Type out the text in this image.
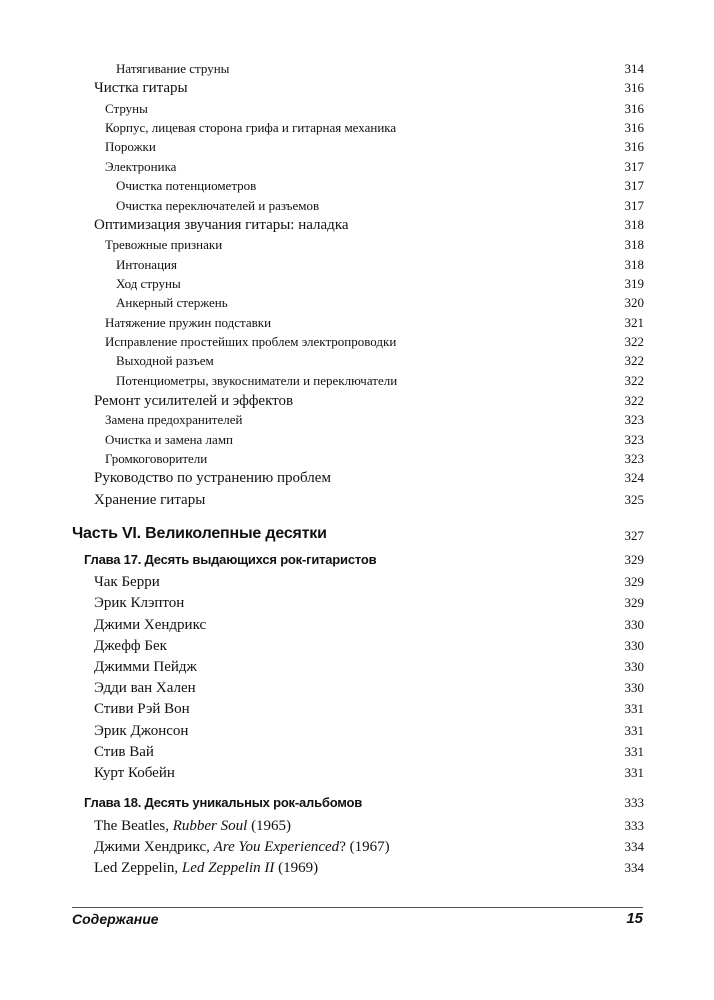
Натягивание струны	314
Чистка гитары	316
Струны	316
Корпус, лицевая сторона грифа и гитарная механика	316
Порожки	316
Электроника	317
Очистка потенциометров	317
Очистка переключателей и разъемов	317
Оптимизация звучания гитары: наладка	318
Тревожные признаки	318
Интонация	318
Ход струны	319
Анкерный стержень	320
Натяжение пружин подставки	321
Исправление простейших проблем электропроводки	322
Выходной разъем	322
Потенциометры, звукосниматели и переключатели	322
Ремонт усилителей и эффектов	322
Замена предохранителей	323
Очистка и замена ламп	323
Громкоговорители	323
Руководство по устранению проблем	324
Хранение гитары	325
Часть VI. Великолепные десятки	327
Глава 17. Десять выдающихся рок-гитаристов	329
Чак Берри	329
Эрик Клэптон	329
Джими Хендрикс	330
Джефф Бек	330
Джимми Пейдж	330
Эдди ван Хален	330
Стиви Рэй Вон	331
Эрик Джонсон	331
Стив Вай	331
Курт Кобейн	331
Глава 18. Десять уникальных рок-альбомов	333
The Beatles, Rubber Soul (1965)	333
Джими Хендрикс, Are You Experienced? (1967)	334
Led Zeppelin, Led Zeppelin II (1969)	334
Содержание	15
